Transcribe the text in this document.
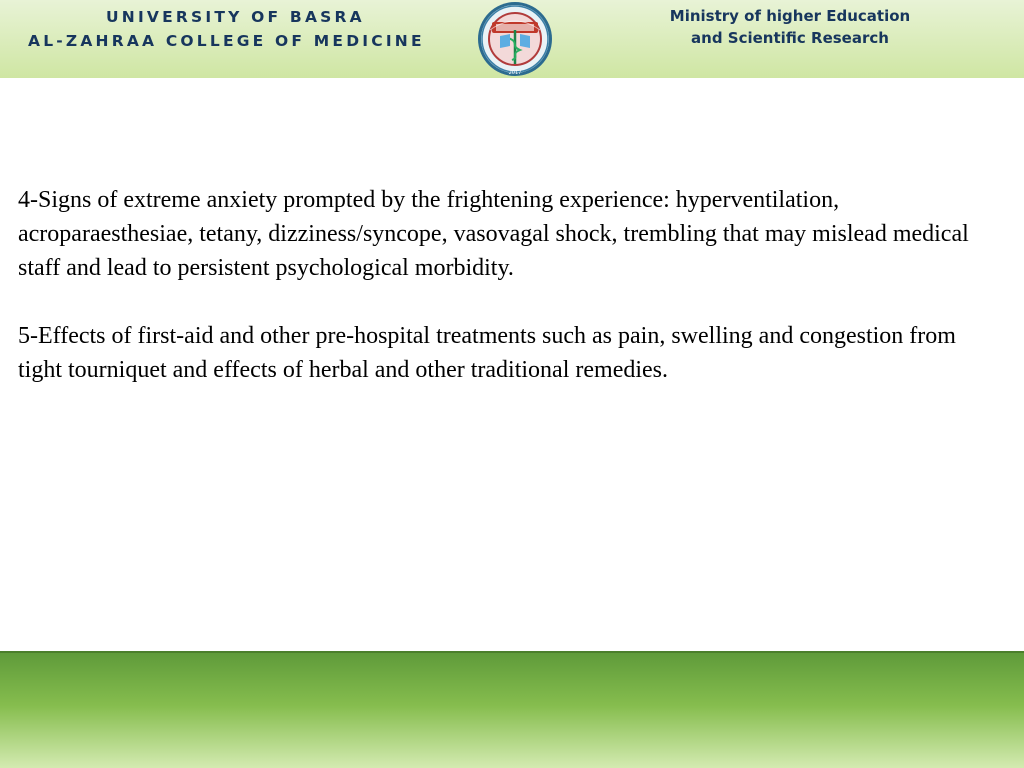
UNIVERSITY OF BASRA
AL-ZAHRAA COLLEGE OF MEDICINE
2017
Ministry of higher Education
and Scientific Research

4-Signs of extreme anxiety prompted by the frightening experience: hyperventilation, acroparaesthesiae, tetany, dizziness/syncope, vasovagal shock, trembling that may mislead medical staff and lead to persistent psychological morbidity.

5-Effects of first-aid and other pre-hospital treatments such as pain, swelling and congestion from tight tourniquet and effects of herbal and other traditional remedies.
